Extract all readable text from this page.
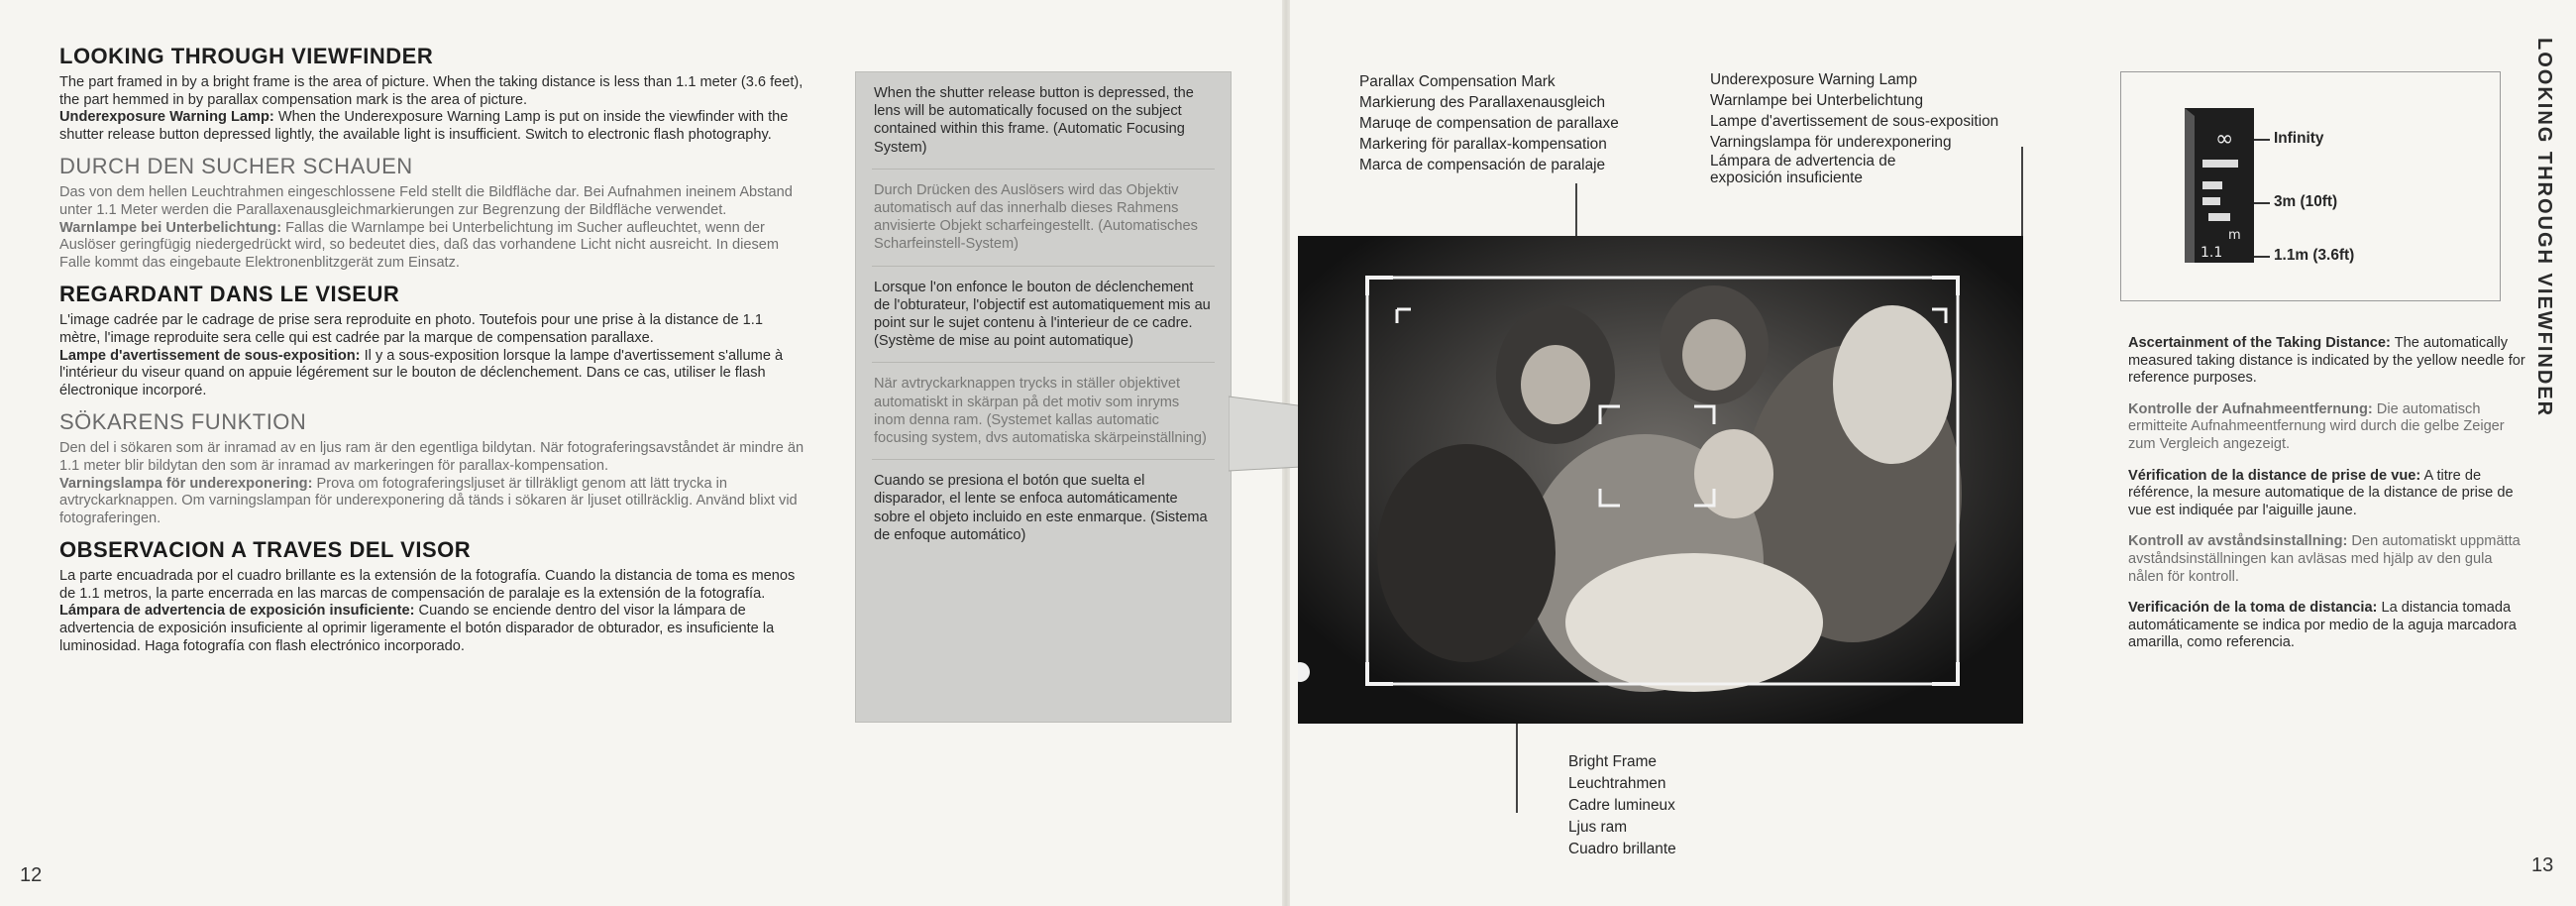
LOOKING THROUGH VIEWFINDER

The part framed in by a bright frame is the area of picture. When the taking distance is less than 1.1 meter (3.6 feet), the part hemmed in by parallax compensation mark is the area of picture.

Underexposure Warning Lamp: When the Underexposure Warning Lamp is put on inside the viewfinder with the shutter release button depressed lightly, the available light is insufficient. Switch to electronic flash photography.

DURCH DEN SUCHER SCHAUEN

Das von dem hellen Leuchtrahmen eingeschlossene Feld stellt die Bildfläche dar. Bei Aufnahmen ineinem Abstand unter 1.1 Meter werden die Parallaxenausgleichmarkierungen zur Begrenzung der Bildfläche verwendet.

Warnlampe bei Unterbelichtung: Fallas die Warnlampe bei Unterbelichtung im Sucher aufleuchtet, wenn der Auslöser geringfügig niedergedrückt wird, so bedeutet dies, daß das vorhandene Licht nicht ausreicht. In diesem Falle kommt das eingebaute Elektronenblitzgerät zum Einsatz.

REGARDANT DANS LE VISEUR

L'image cadrée par le cadrage de prise sera reproduite en photo. Toutefois pour une prise à la distance de 1.1 mètre, l'image reproduite sera celle qui est cadrée par la marque de compensation parallaxe.

Lampe d'avertissement de sous-exposition: Il y a sous-exposition lorsque la lampe d'avertissement s'allume à l'intérieur du viseur quand on appuie légérement sur le bouton de déclenchement. Dans ce cas, utiliser le flash électronique incorporé.

SÖKARENS FUNKTION

Den del i sökaren som är inramad av en ljus ram är den egentliga bildytan. När fotograferingsavståndet är mindre än 1.1 meter blir bildytan den som är inramad av markeringen för parallax-kompensation.

Varningslampa för underexponering: Prova om fotograferingsljuset är tillräkligt genom att lätt trycka in avtryckarknappen. Om varningslampan för underexponering då tänds i sökaren är ljuset otillräcklig. Använd blixt vid fotograferingen.

OBSERVACION A TRAVES DEL VISOR

La parte encuadrada por el cuadro brillante es la extensión de la fotografía. Cuando la distancia de toma es menos de 1.1 metros, la parte encerrada en las marcas de compensación de paralaje es la extensión de la fotografía.

Lámpara de advertencia de exposición insuficiente: Cuando se enciende dentro del visor la lámpara de advertencia de exposición insuficiente al oprimir ligeramente el botón disparador de obturador, es insuficiente la luminosidad. Haga fotografía con flash electrónico incorporado.

12

When the shutter release button is depressed, the lens will be automatically focused on the subject contained within this frame. (Automatic Focusing System)

Durch Drücken des Auslösers wird das Objektiv automatisch auf das innerhalb dieses Rahmens anvisierte Objekt scharfeingestellt. (Automatisches Scharfeinstell-System)

Lorsque l'on enfonce le bouton de déclenchement de l'obturateur, l'objectif est automatiquement mis au point sur le sujet contenu à l'interieur de ce cadre. (Système de mise au point automatique)

När avtryckarknappen trycks in ställer objektivet automatiskt in skärpan på det motiv som inryms inom denna ram. (Systemet kallas automatic focusing system, dvs automatiska skärpeinställning)

Cuando se presiona el botón que suelta el disparador, el lente se enfoca automáticamente sobre el objeto incluido en este enmarque. (Sistema de enfoque automático)

Parallax Compensation Mark
Markierung des Parallaxenausgleich
Maruqe de compensation de parallaxe
Markering för parallax-kompensation
Marca de compensación de paralaje
Underexposure Warning Lamp
Warnlampe bei Unterbelichtung
Lampe d'avertissement de sous-exposition
Varningslampa för underexponering
Lámpara de advertencia de
exposición insuficiente
Bright Frame
Leuchtrahmen
Cadre lumineux
Ljus ram
Cuadro brillante
∞
m
1.1
Infinity
3m (10ft)
1.1m (3.6ft)

Ascertainment of the Taking Distance: The automatically measured taking distance is indicated by the yellow needle for reference purposes.

Kontrolle der Aufnahmeentfernung: Die automatisch ermitteite Aufnahmeentfernung wird durch die gelbe Zeiger zum Vergleich angezeigt.

Vérification de la distance de prise de vue: A titre de référence, la mesure automatique de la distance de prise de vue est indiquée par l'aiguille jaune.

Kontroll av avståndsinstallning: Den automatiskt uppmätta avståndsinställningen kan avläsas med hjälp av den gula nålen för kontroll.

Verificación de la toma de distancia: La distancia tomada automáticamente se indica por medio de la aguja marcadora amarilla, como referencia.

LOOKING THROUGH VIEWFINDER
13
